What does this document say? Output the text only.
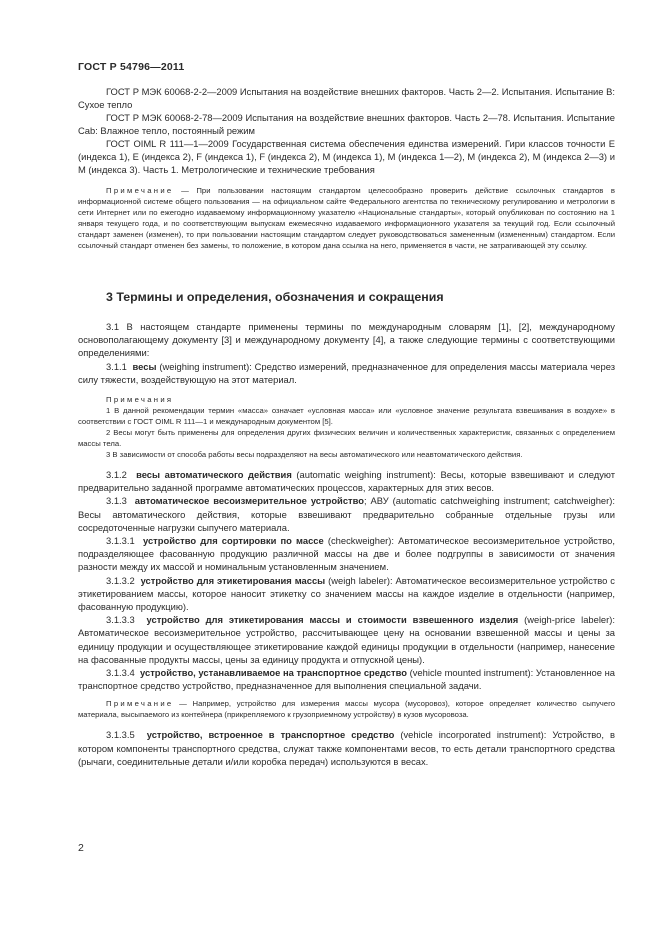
ГОСТ Р 54796—2011

ГОСТ Р МЭК 60068-2-2—2009 Испытания на воздействие внешних факторов. Часть 2—2. Испытания. Испытание В: Сухое тепло

ГОСТ Р МЭК 60068-2-78—2009 Испытания на воздействие внешних факторов. Часть 2—78. Испытания. Испытание Cab: Влажное тепло, постоянный режим

ГОСТ OIML R 111—1—2009 Государственная система обеспечения единства измерений. Гири классов точности Е (индекса 1), Е (индекса 2), F (индекса 1), F (индекса 2), М (индекса 1), М (индекса 1—2), М (индекса 2), М (индекса 2—3) и М (индекса 3). Часть 1. Метрологические и технические требования

Примечание — При пользовании настоящим стандартом целесообразно проверить действие ссылочных стандартов в информационной системе общего пользования — на официальном сайте Федерального агентства по техническому регулированию и метрологии в сети Интернет или по ежегодно издаваемому информационному указателю «Национальные стандарты», который опубликован по состоянию на 1 января текущего года, и по соответствующим выпускам ежемесячно издаваемого информационного указателя за текущий год. Если ссылочный стандарт заменен (изменен), то при пользовании настоящим стандартом следует руководствоваться замененным (измененным) стандартом. Если ссылочный стандарт отменен без замены, то положение, в котором дана ссылка на него, применяется в части, не затрагивающей эту ссылку.

3 Термины и определения, обозначения и сокращения

3.1 В настоящем стандарте применены термины по международным словарям [1], [2], международному основополагающему документу [3] и международному документу [4], а также следующие термины с соответствующими определениями:

3.1.1 весы (weighing instrument): Средство измерений, предназначенное для определения массы материала через силу тяжести, воздействующую на этот материал.

Примечания

1 В данной рекомендации термин «масса» означает «условная масса» или «условное значение результата взвешивания в воздухе» в соответствии с ГОСТ OIML R 111—1 и международным документом [5].

2 Весы могут быть применены для определения других физических величин и количественных характеристик, связанных с определением массы тела.

3 В зависимости от способа работы весы подразделяют на весы автоматического или неавтоматического действия.

3.1.2 весы автоматического действия (automatic weighing instrument): Весы, которые взвешивают и следуют предварительно заданной программе автоматических процессов, характерных для этих весов.

3.1.3 автоматическое весоизмерительное устройство; АВУ (automatic catchweighing instrument; catchweigher): Весы автоматического действия, которые взвешивают предварительно собранные отдельные грузы или сосредоточенные нагрузки сыпучего материала.

3.1.3.1 устройство для сортировки по массе (checkweigher): Автоматическое весоизмерительное устройство, подразделяющее фасованную продукцию различной массы на две и более подгруппы в зависимости от значения разности между их массой и номинальным установленным значением.

3.1.3.2 устройство для этикетирования массы (weigh labeler): Автоматическое весоизмерительное устройство с этикетированием массы, которое наносит этикетку со значением массы на каждое изделие в отдельности (например, фасованную продукцию).

3.1.3.3 устройство для этикетирования массы и стоимости взвешенного изделия (weigh-price labeler): Автоматическое весоизмерительное устройство, рассчитывающее цену на основании взвешенной массы и цены за единицу продукции и осуществляющее этикетирование каждой единицы продукции в отдельности (например, нанесение на фасованные продукты массы, цены за единицу продукта и отпускной цены).

3.1.3.4 устройство, устанавливаемое на транспортное средство (vehicle mounted instrument): Установленное на транспортное средство устройство, предназначенное для выполнения специальной задачи.

Примечание — Например, устройство для измерения массы мусора (мусоровоз), которое определяет количество сыпучего материала, высыпаемого из контейнера (прикрепляемого к грузоприемному устройству) в кузов мусоровоза.

3.1.3.5 устройство, встроенное в транспортное средство (vehicle incorporated instrument): Устройство, в котором компоненты транспортного средства, служат также компонентами весов, то есть детали транспортного средства (рычаги, соединительные детали и/или коробка передач) используются в весах.

2
